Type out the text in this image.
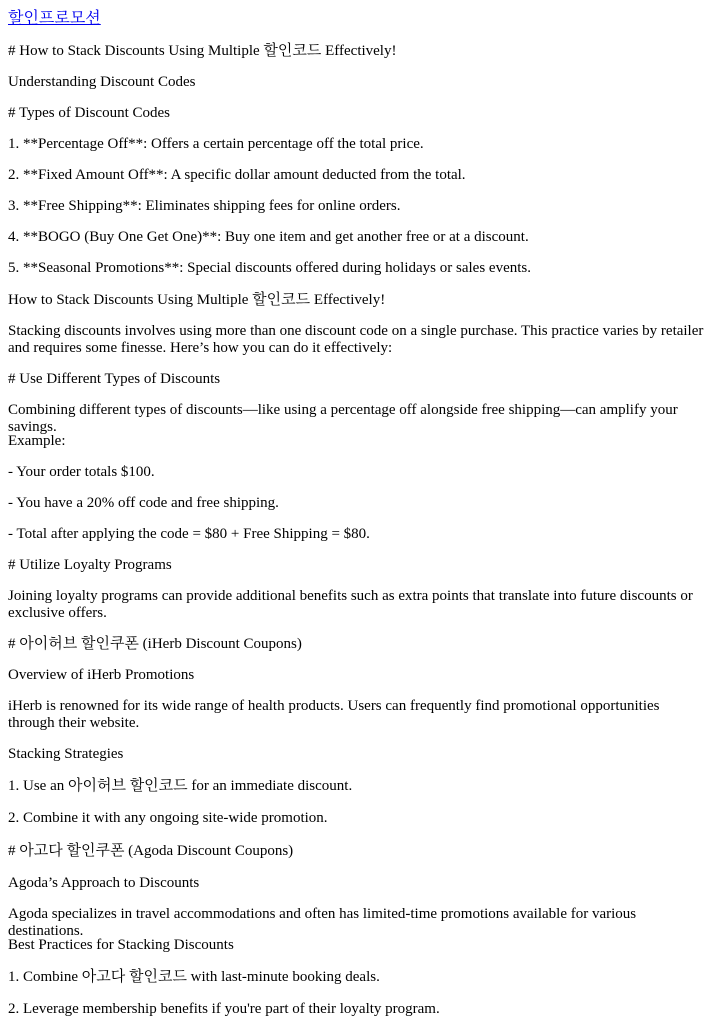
할인프로모션

# How to Stack Discounts Using Multiple 할인코드 Effectively!

Understanding Discount Codes

# Types of Discount Codes

1. **Percentage Off**: Offers a certain percentage off the total price.

2. **Fixed Amount Off**: A specific dollar amount deducted from the total.

3. **Free Shipping**: Eliminates shipping fees for online orders.

4. **BOGO (Buy One Get One)**: Buy one item and get another free or at a discount.

5. **Seasonal Promotions**: Special discounts offered during holidays or sales events.

How to Stack Discounts Using Multiple 할인코드 Effectively!

Stacking discounts involves using more than one discount code on a single purchase. This practice varies by retailer and requires some finesse. Here’s how you can do it effectively:

# Use Different Types of Discounts

Combining different types of discounts—like using a percentage off alongside free shipping—can amplify your savings.

Example:

- Your order totals $100.

- You have a 20% off code and free shipping.

- Total after applying the code = $80 + Free Shipping = $80.

# Utilize Loyalty Programs

Joining loyalty programs can provide additional benefits such as extra points that translate into future discounts or exclusive offers.

# 아이허브 할인쿠폰 (iHerb Discount Coupons)

Overview of iHerb Promotions

iHerb is renowned for its wide range of health products. Users can frequently find promotional opportunities through their website.

Stacking Strategies

1. Use an 아이허브 할인코드 for an immediate discount.

2. Combine it with any ongoing site-wide promotion.

# 아고다 할인쿠폰 (Agoda Discount Coupons)

Agoda’s Approach to Discounts

Agoda specializes in travel accommodations and often has limited-time promotions available for various destinations.

Best Practices for Stacking Discounts

1. Combine 아고다 할인코드 with last-minute booking deals.

2. Leverage membership benefits if you're part of their loyalty program.
